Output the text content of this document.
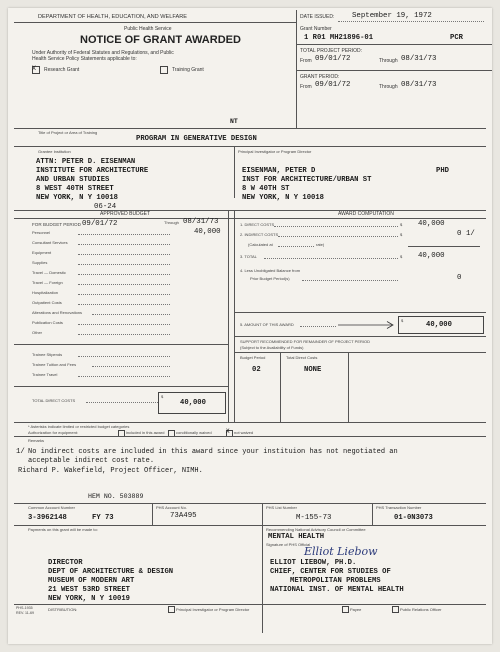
DEPARTMENT OF HEALTH, EDUCATION, AND WELFARE
Public Health Service
NOTICE OF GRANT AWARDED
Under Authority of Federal Statutes and Regulations, and Public
Health Service Policy Statements applicable to:
X Research Grant	Training Grant
DATE ISSUED: September 19, 1972
Grant Number
1 R01 MH21896-01	PCR
TOTAL PROJECT PERIOD:
From 09/01/72	Through 08/31/73
GRANT PERIOD:
From 09/01/72	Through 08/31/73
NT
Title of Project or Area of Training
PROGRAM IN GENERATIVE DESIGN
Grantee Institution	Principal Investigator or Program Director
ATTN: PETER D. EISENMAN
INSTITUTE FOR ARCHITECTURE
AND URBAN STUDIES
8 WEST 40TH STREET
NEW YORK, N Y 10018
06-24
EISENMAN, PETER D	PHD
INST FOR ARCHITECTURE/URBAN ST
8 W 40TH ST
NEW YORK, N Y 10018
APPROVED BUDGET	AWARD COMPUTATION
FOR BUDGET PERIOD 09/01/72	Through 08/31/73
40,000
Personnel
Consultant Services
Equipment
Supplies
Travel — Domestic
Travel — Foreign
Hospitalization
Outpatient Costs
Alterations and Renovations
Publication Costs
Other
Trainee Stipends
Trainee Tuition and Fees
Trainee Travel
TOTAL DIRECT COSTS
$
40,000
1. DIRECT COSTS	$ 40,000
2. INDIRECT COSTS	$	0 1/
(Calculated at	rate)
3. TOTAL	$ 40,000
4. Less Unobligated Balance from
Prior Budget Period(s)	0
5. AMOUNT OF THIS AWARD
$
40,000
SUPPORT RECOMMENDED FOR REMAINDER OF PROJECT PERIOD
(Subject to the Availability of Funds)
Budget Period	Total Direct Costs
02	NONE
* Asterisks indicate limited or restricted budget categories
Authorization for equipment:	included in this award	conditionally waived X not waived
Remarks
1/ No indirect costs are included in this award since your instituion has not negotiated an
acceptable indirect cost rate.
Richard P. Wakefield, Project Officer, NIMH.
HEM NO. 503889
Common Account Number	PHS Account No.	PHS List Number	PHS Transaction Number
3-3962148	FY 73	73A495	M-155-73	01-0N3073
Payments on this grant will be made to:	Recommending National Advisory Council or Committee
MENTAL HEALTH
Signature of PHS Official
Elliot Liebow
DIRECTOR
DEPT OF ARCHITECTURE & DESIGN
MUSEUM OF MODERN ART
21 WEST 53RD STREET
NEW YORK, N Y 10019
ELLIOT LIEBOW, PH.D.
CHIEF, CENTER FOR STUDIES OF
METROPOLITAN PROBLEMS
NATIONAL INST. OF MENTAL HEALTH
PHS-1935
REV. 11-69
DISTRIBUTION:	Principal Investigator or Program Director	Payee	Public Relations Officer
